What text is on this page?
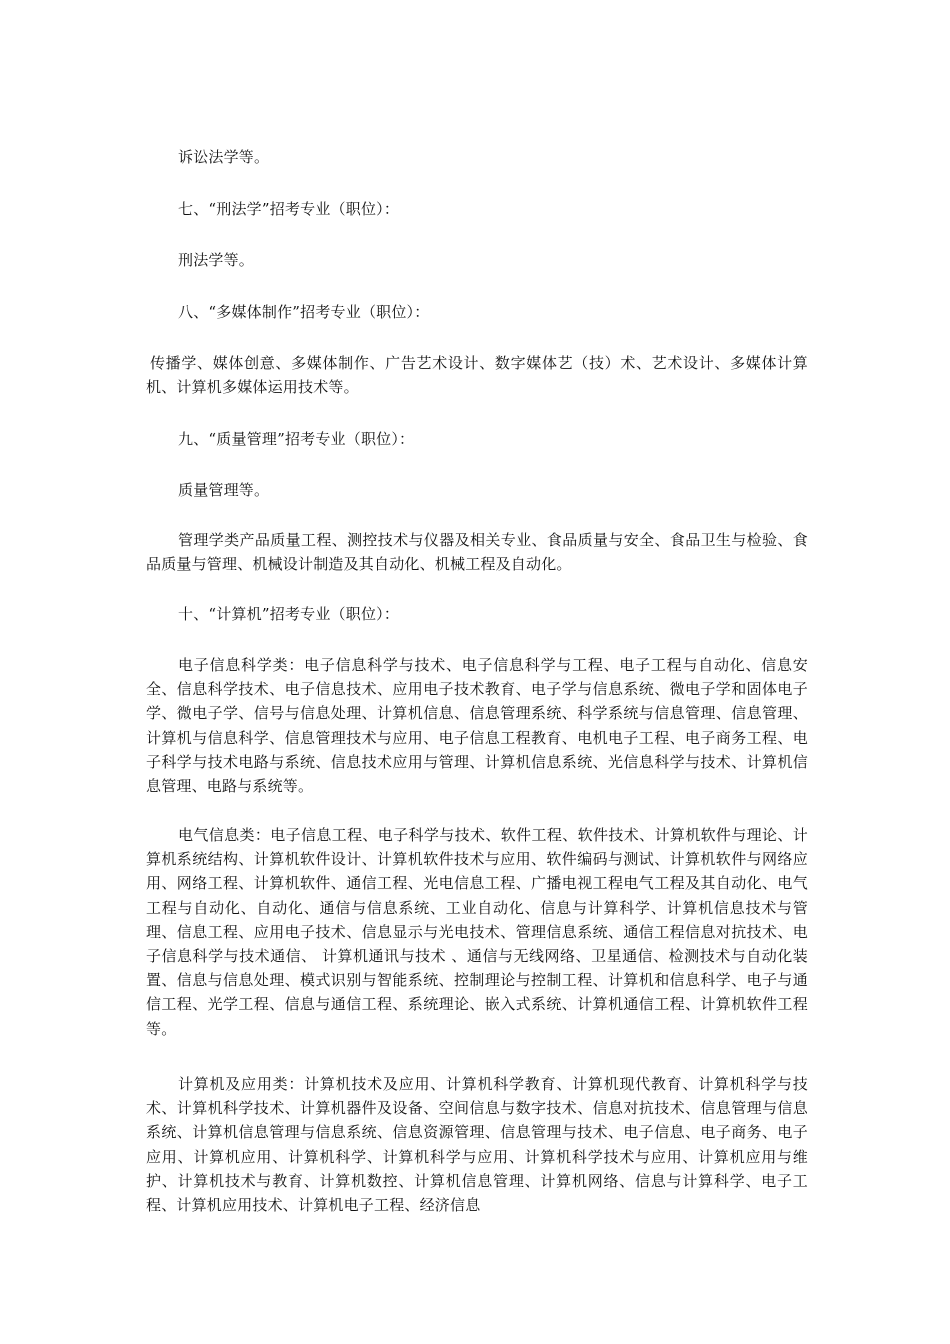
诉讼法学等。

七、“刑法学”招考专业（职位）：

刑法学等。

八、“多媒体制作”招考专业（职位）：

传播学、媒体创意、多媒体制作、广告艺术设计、数字媒体艺（技）术、艺术设计、多媒体计算机、计算机多媒体运用技术等。

九、“质量管理”招考专业（职位）：

质量管理等。

管理学类产品质量工程、测控技术与仪器及相关专业、食品质量与安全、食品卫生与检验、食品质量与管理、机械设计制造及其自动化、机械工程及自动化。

十、“计算机”招考专业（职位）：

电子信息科学类：电子信息科学与技术、电子信息科学与工程、电子工程与自动化、信息安全、信息科学技术、电子信息技术、应用电子技术教育、电子学与信息系统、微电子学和固体电子学、微电子学、信号与信息处理、计算机信息、信息管理系统、科学系统与信息管理、信息管理、计算机与信息科学、信息管理技术与应用、电子信息工程教育、电机电子工程、电子商务工程、电子科学与技术电路与系统、信息技术应用与管理、计算机信息系统、光信息科学与技术、计算机信息管理、电路与系统等。

电气信息类：电子信息工程、电子科学与技术、软件工程、软件技术、计算机软件与理论、计算机系统结构、计算机软件设计、计算机软件技术与应用、软件编码与测试、计算机软件与网络应用、网络工程、计算机软件、通信工程、光电信息工程、广播电视工程电气工程及其自动化、电气工程与自动化、自动化、通信与信息系统、工业自动化、信息与计算科学、计算机信息技术与管理、信息工程、应用电子技术、信息显示与光电技术、管理信息系统、通信工程信息对抗技术、电子信息科学与技术通信、 计算机通讯与技术 、通信与无线网络、卫星通信、检测技术与自动化装置、信息与信息处理、模式识别与智能系统、控制理论与控制工程、计算机和信息科学、电子与通信工程、光学工程、信息与通信工程、系统理论、嵌入式系统、计算机通信工程、计算机软件工程等。

计算机及应用类：计算机技术及应用、计算机科学教育、计算机现代教育、计算机科学与技术、计算机科学技术、计算机器件及设备、空间信息与数字技术、信息对抗技术、信息管理与信息系统、计算机信息管理与信息系统、信息资源管理、信息管理与技术、电子信息、电子商务、电子应用、计算机应用、计算机科学、计算机科学与应用、计算机科学技术与应用、计算机应用与维护、计算机技术与教育、计算机数控、计算机信息管理、计算机网络、信息与计算科学、电子工程、计算机应用技术、计算机电子工程、经济信息
